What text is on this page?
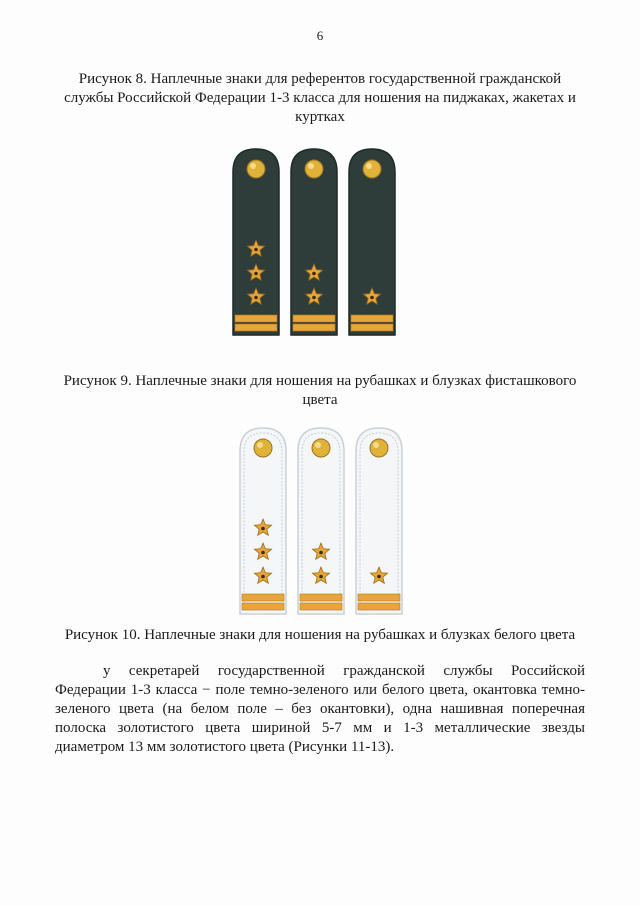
6
Рисунок 8. Наплечные знаки для референтов государственной гражданской службы Российской Федерации 1-3 класса для ношения на пиджаках, жакетах и куртках
Рисунок 9. Наплечные знаки для ношения на рубашках и блузках фисташкового цвета
Рисунок 10. Наплечные знаки для ношения на рубашках и блузках белого цвета
у секретарей государственной гражданской службы Российской Федерации 1-3 класса − поле темно-зеленого или белого цвета, окантовка темно-зеленого цвета (на белом поле – без окантовки), одна нашивная поперечная полоска золотистого цвета шириной 5-7 мм и 1-3 металлические звезды диаметром 13 мм золотистого цвета (Рисунки 11-13).
